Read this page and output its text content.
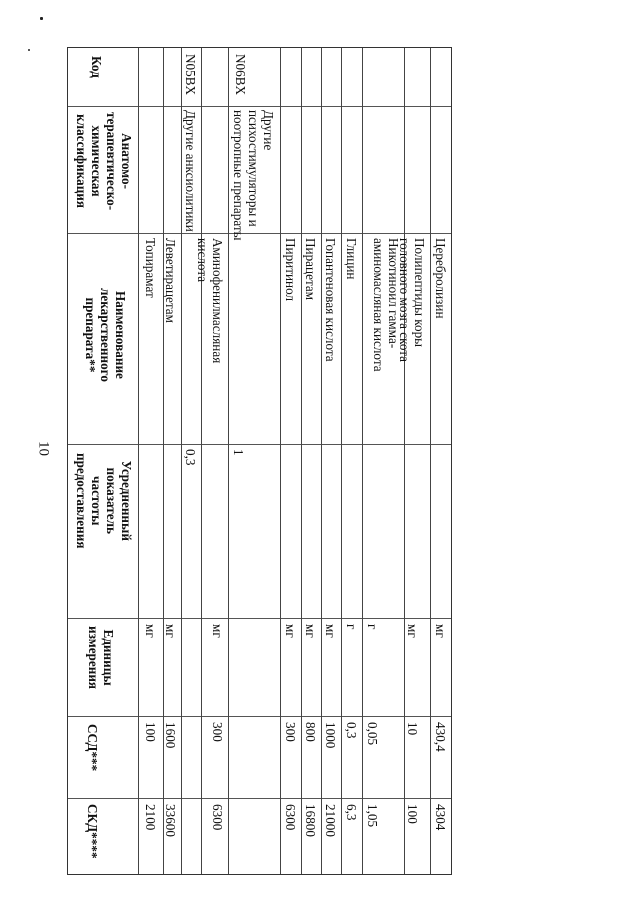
10
Код
Анатомо-
терапевтическо-
химическая
классификация
Наименование
лекарственного
препарата**
Усредненный
показатель
частоты
предоставления
Единицы
измерения
ССД***
СКД****
Топирамат
мг
100
2100
Леветирацетам
мг
1600
33600
N05BX
Другие анксиолитики
0,3
Аминофенилмасляная
кислота
мг
300
6300
N06BX
Другие
психостимуляторы и
ноотропные препараты
1
Пиритинол
мг
300
6300
Пирацетам
мг
800
16800
Гопантеновая кислота
мг
1000
21000
Глицин
г
0,3
6,3
Никотиноил гамма-
аминомасляная кислота
г
0,05
1,05
Полипептиды коры
головного мозга скота
мг
10
100
Церебролизин
мг
430,4
4304
